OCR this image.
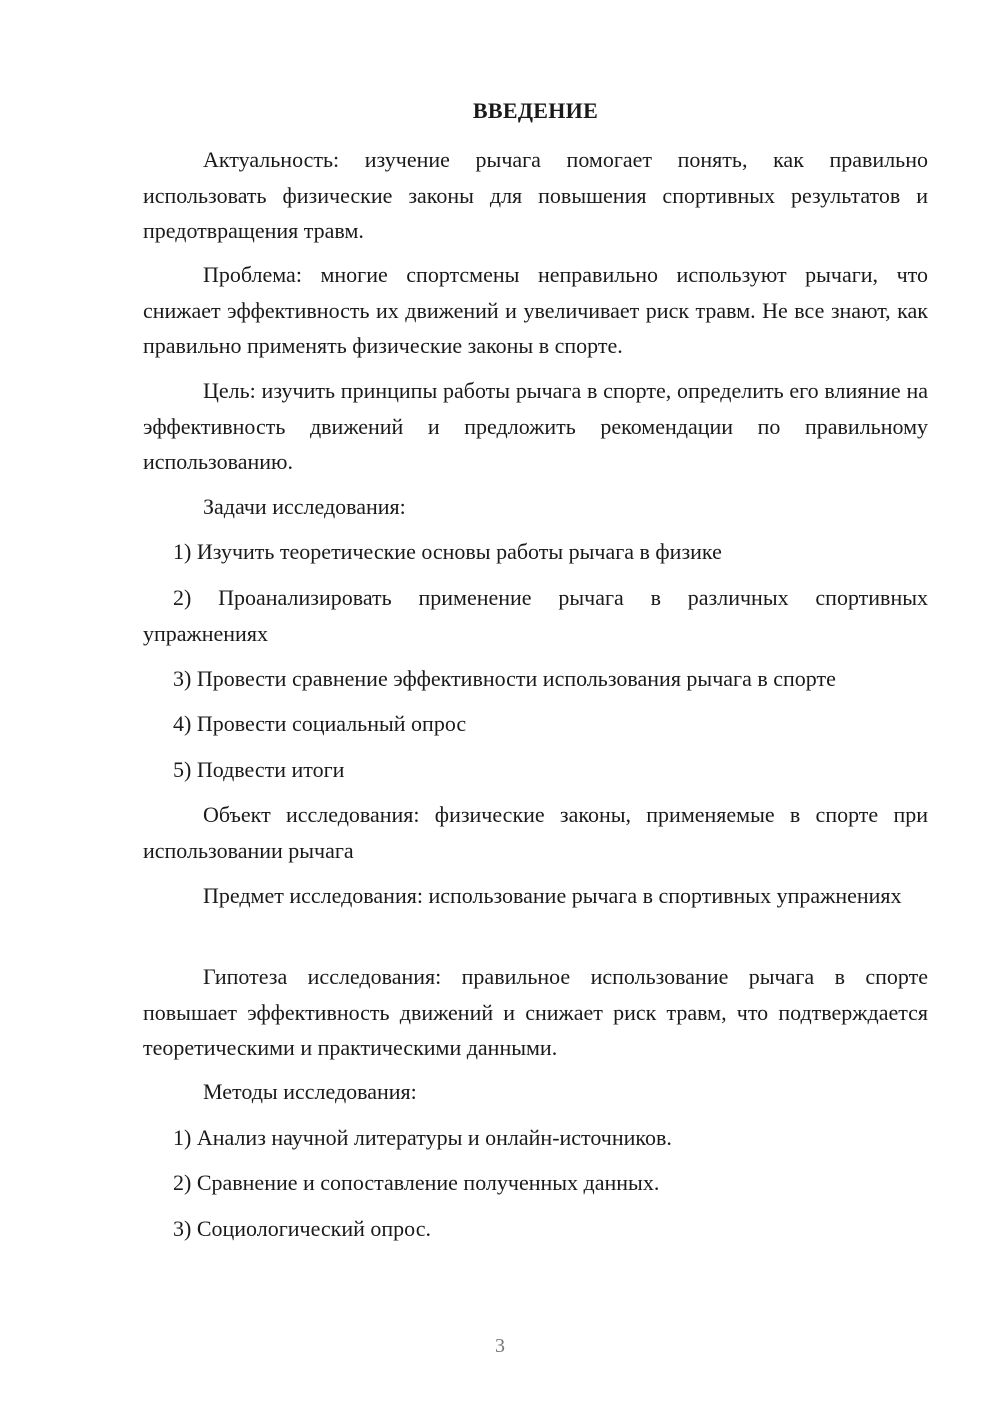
ВВЕДЕНИЕ

Актуальность: изучение рычага помогает понять, как правильно использовать физические законы для повышения спортивных результатов и предотвращения травм.

Проблема: многие спортсмены неправильно используют рычаги, что снижает эффективность их движений и увеличивает риск травм. Не все знают, как правильно применять физические законы в спорте.

Цель: изучить принципы работы рычага в спорте, определить его влияние на эффективность движений и предложить рекомендации по правильному использованию.

Задачи исследования:

1) Изучить теоретические основы работы рычага в физике

2) Проанализировать применение рычага в различных спортивных упражнениях

3) Провести сравнение эффективности использования рычага в спорте

4) Провести социальный опрос

5) Подвести итоги

Объект исследования: физические законы, применяемые в спорте при использовании рычага

Предмет исследования: использование рычага в спортивных упражнениях

Гипотеза исследования: правильное использование рычага в спорте повышает эффективность движений и снижает риск травм, что подтверждается теоретическими и практическими данными.

Методы исследования:

1) Анализ научной литературы и онлайн-источников.

2) Сравнение и сопоставление полученных данных.

3) Социологический опрос.

3
